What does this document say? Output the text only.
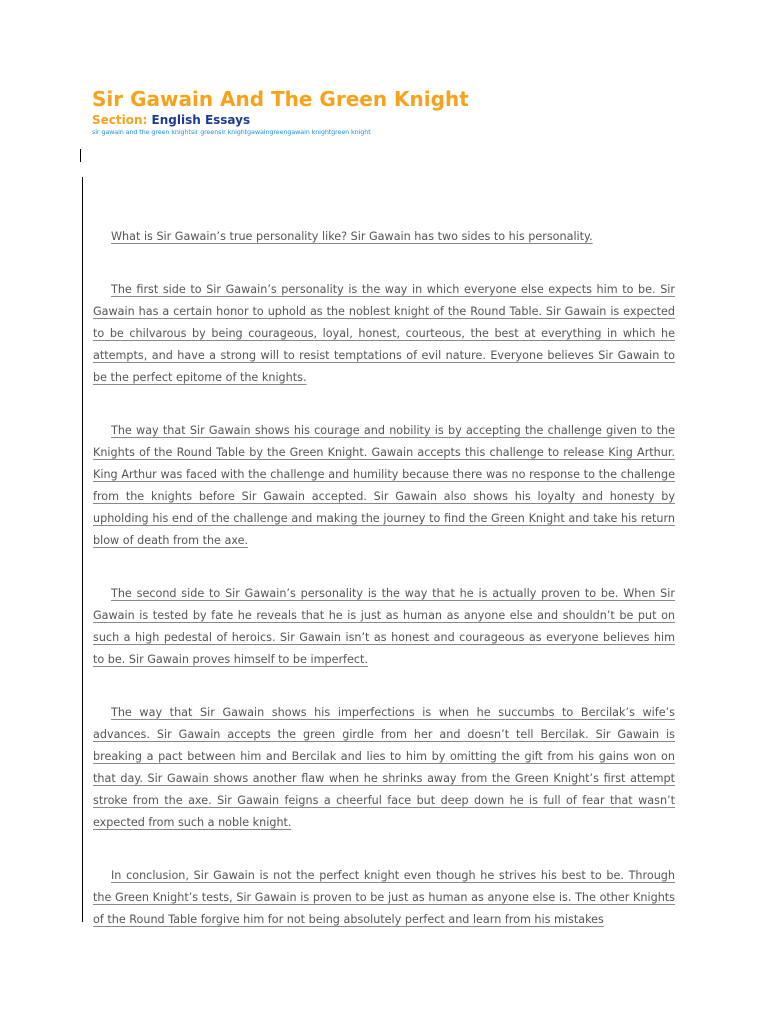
Sir Gawain And The Green Knight
Section: English Essays
sir gawain and the green knightsir greensir knightgawaingreengawain knightgreen knight

What is Sir Gawain’s true personality like? Sir Gawain has two sides to his personality.

The first side to Sir Gawain’s personality is the way in which everyone else expects him to be. Sir Gawain has a certain honor to uphold as the noblest knight of the Round Table. Sir Gawain is expected to be chilvarous by being courageous, loyal, honest, courteous, the best at everything in which he attempts, and have a strong will to resist temptations of evil nature. Everyone believes Sir Gawain to be the perfect epitome of the knights.

The way that Sir Gawain shows his courage and nobility is by accepting the challenge given to the Knights of the Round Table by the Green Knight. Gawain accepts this challenge to release King Arthur. King Arthur was faced with the challenge and humility because there was no response to the challenge from the knights before Sir Gawain accepted. Sir Gawain also shows his loyalty and honesty by upholding his end of the challenge and making the journey to find the Green Knight and take his return blow of death from the axe.

The second side to Sir Gawain’s personality is the way that he is actually proven to be. When Sir Gawain is tested by fate he reveals that he is just as human as anyone else and shouldn’t be put on such a high pedestal of heroics. Sir Gawain isn’t as honest and courageous as everyone believes him to be. Sir Gawain proves himself to be imperfect.

The way that Sir Gawain shows his imperfections is when he succumbs to Bercilak’s wife’s advances. Sir Gawain accepts the green girdle from her and doesn’t tell Bercilak. Sir Gawain is breaking a pact between him and Bercilak and lies to him by omitting the gift from his gains won on that day. Sir Gawain shows another flaw when he shrinks away from the Green Knight’s first attempt stroke from the axe. Sir Gawain feigns a cheerful face but deep down he is full of fear that wasn’t expected from such a noble knight.

In conclusion, Sir Gawain is not the perfect knight even though he strives his best to be. Through the Green Knight’s tests, Sir Gawain is proven to be just as human as anyone else is. The other Knights of the Round Table forgive him for not being absolutely perfect and learn from his mistakes
